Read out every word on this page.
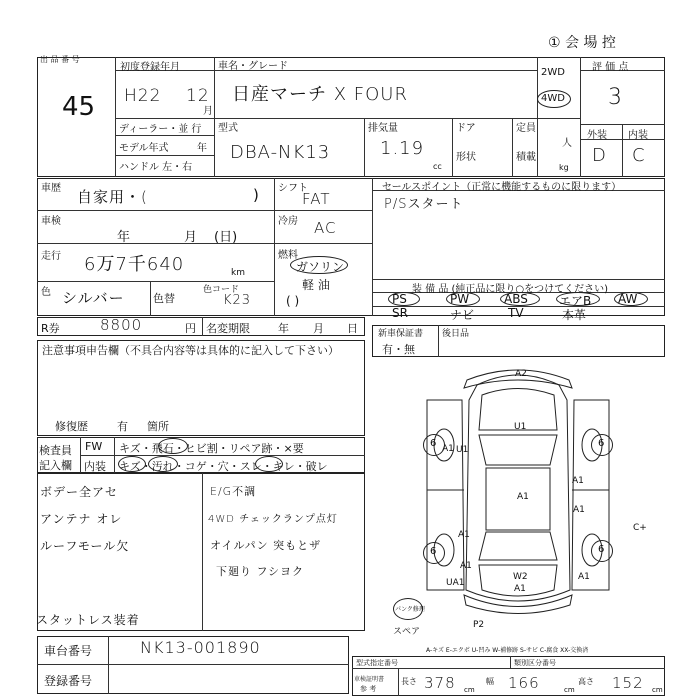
出 品 番 号
① 会 場 控
45
初度登録年月
H22 12
月
ディーラー・並 行
モデル年式	年
ハンドル 左・右
車名・グレード
日産マーチ X FOUR
2WD
4WD
評 価 点
3
外装 内装
D C
型式
DBA-NK13
排気量
1.19
cc
ドア
形状
定員
人
積載
kg
車歴 自家用・(	)
車検
年	月 (日)
走行 6万7千640	km
色 シルバー	色替
色コード
K23
シフト
FAT
冷房 AC
燃料
ガソリン
軽 油
( )
セールスポイント（正常に機能するものに限ります）
P/Sスタート
装 備 品 (純正品に限り○をつけてください)
PS	PW	ABS	エアB AW
SR	ナビ	TV	本革
R券	8800	円 名変期限	年 月 日 新車保証書
有・無
後日品
注意事項申告欄（不具合内容等は具体的に記入して下さい）
修復歴	有 箇所
検査員
記入欄
FW キズ・飛石・ヒビ割・リペア跡・×要
内装 キズ・汚れ・コゲ・穴・スレ・キレ・破レ
ボデー全アセ
アンテナ オレ
ルーフモール欠
スタットレス装着
E/G不調
4WD チェックランプ点灯
オイルパン 突もとザ
下廻り フシヨク
A2
U1
A1
A1
A1
A1
A1
A1
U1
UA1
W2
A1
A1
P2
C+
6	6
6	6
パンク修理
スペア
A-キズ E-エクボ U-凹み W-補修跡 S-サビ C-腐食 XX-交換済
車台番号	NK13-001890
登録番号
型式指定番号	類別区分番号
車検証明書
参 考
長さ 378 cm
幅 166	cm
高さ 152 cm
